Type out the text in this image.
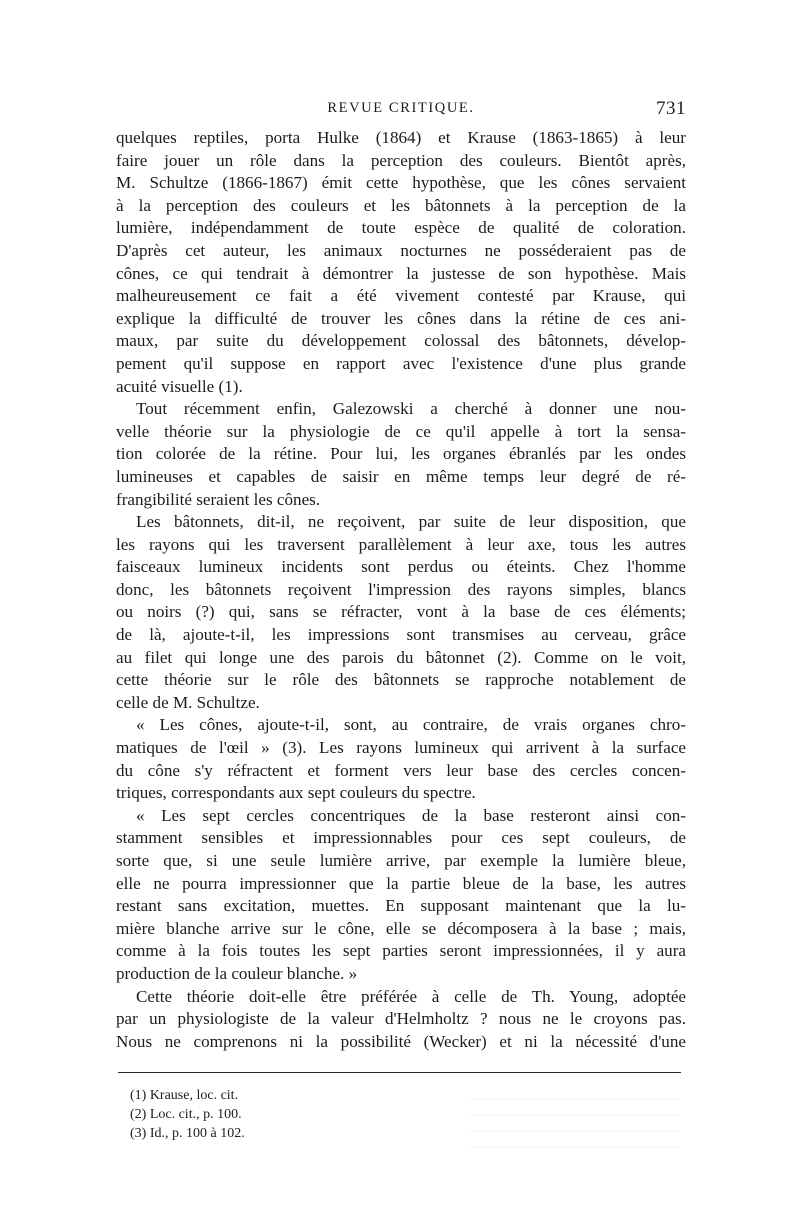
REVUE CRITIQUE.	731
quelques reptiles, porta Hulke (1864) et Krause (1863-1865) à leur
faire jouer un rôle dans la perception des couleurs. Bientôt après,
M. Schultze (1866-1867) émit cette hypothèse, que les cônes servaient
à la perception des couleurs et les bâtonnets à la perception de la
lumière, indépendamment de toute espèce de qualité de coloration.
D'après cet auteur, les animaux nocturnes ne posséderaient pas de
cônes, ce qui tendrait à démontrer la justesse de son hypothèse. Mais
malheureusement ce fait a été vivement contesté par Krause, qui
explique la difficulté de trouver les cônes dans la rétine de ces ani-
maux, par suite du développement colossal des bâtonnets, dévelop-
pement qu'il suppose en rapport avec l'existence d'une plus grande
acuité visuelle (1).
Tout récemment enfin, Galezowski a cherché à donner une nou-
velle théorie sur la physiologie de ce qu'il appelle à tort la sensa-
tion colorée de la rétine. Pour lui, les organes ébranlés par les ondes
lumineuses et capables de saisir en même temps leur degré de ré-
frangibilité seraient les cônes.
Les bâtonnets, dit-il, ne reçoivent, par suite de leur disposition, que
les rayons qui les traversent parallèlement à leur axe, tous les autres
faisceaux lumineux incidents sont perdus ou éteints. Chez l'homme
donc, les bâtonnets reçoivent l'impression des rayons simples, blancs
ou noirs (?) qui, sans se réfracter, vont à la base de ces éléments;
de là, ajoute-t-il, les impressions sont transmises au cerveau, grâce
au filet qui longe une des parois du bâtonnet (2). Comme on le voit,
cette théorie sur le rôle des bâtonnets se rapproche notablement de
celle de M. Schultze.
« Les cônes, ajoute-t-il, sont, au contraire, de vrais organes chro-
matiques de l'œil » (3). Les rayons lumineux qui arrivent à la surface
du cône s'y réfractent et forment vers leur base des cercles concen-
triques, correspondants aux sept couleurs du spectre.
« Les sept cercles concentriques de la base resteront ainsi con-
stamment sensibles et impressionnables pour ces sept couleurs, de
sorte que, si une seule lumière arrive, par exemple la lumière bleue,
elle ne pourra impressionner que la partie bleue de la base, les autres
restant sans excitation, muettes. En supposant maintenant que la lu-
mière blanche arrive sur le cône, elle se décomposera à la base ; mais,
comme à la fois toutes les sept parties seront impressionnées, il y aura
production de la couleur blanche. »
Cette théorie doit-elle être préférée à celle de Th. Young, adoptée
par un physiologiste de la valeur d'Helmholtz ? nous ne le croyons pas.
Nous ne comprenons ni la possibilité (Wecker) et ni la nécessité d'une
(1) Krause, loc. cit.
(2) Loc. cit., p. 100.
(3) Id., p. 100 à 102.
